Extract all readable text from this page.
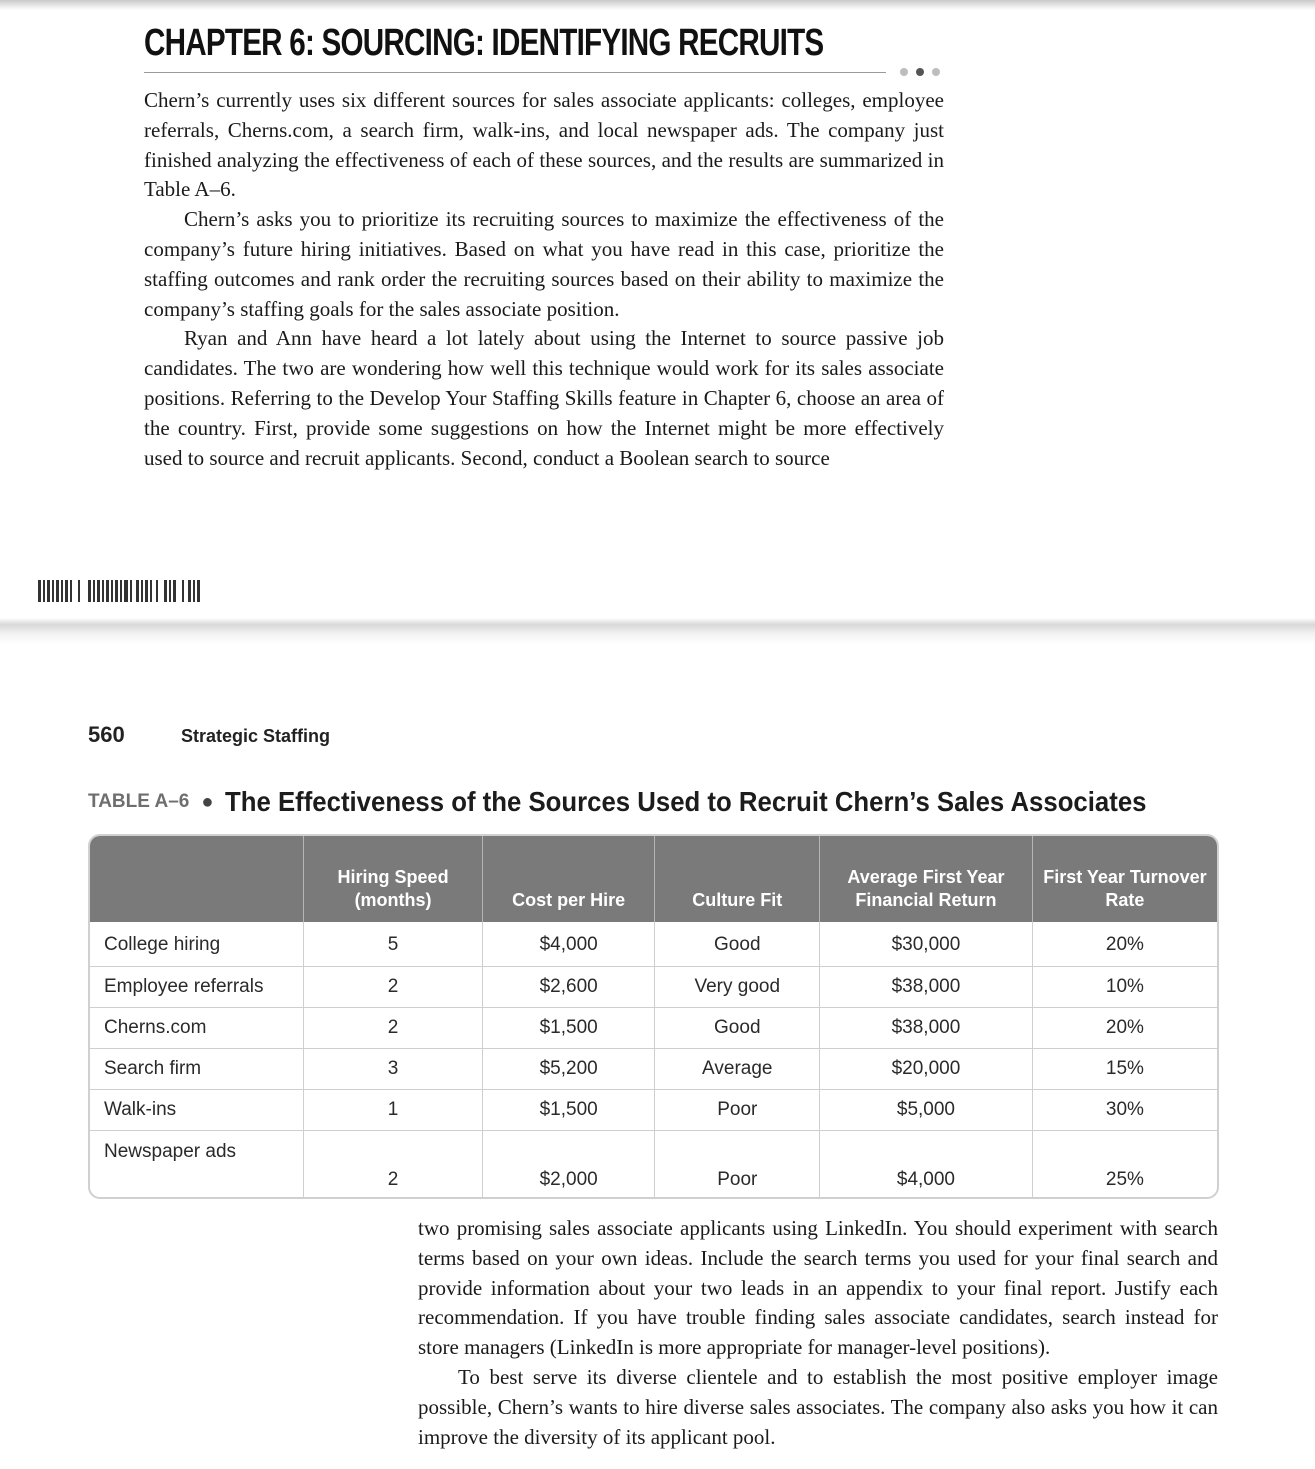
CHAPTER 6: SOURCING: IDENTIFYING RECRUITS

Chern’s currently uses six different sources for sales associate applicants: colleges, employee referrals, Cherns.com, a search firm, walk-ins, and local newspaper ads. The company just finished analyzing the effectiveness of each of these sources, and the results are summarized in Table A–6.

Chern’s asks you to prioritize its recruiting sources to maximize the effectiveness of the company’s future hiring initiatives. Based on what you have read in this case, prioritize the staffing outcomes and rank order the recruiting sources based on their ability to maximize the company’s staffing goals for the sales associate position.

Ryan and Ann have heard a lot lately about using the Internet to source passive job candidates. The two are wondering how well this technique would work for its sales associate positions. Referring to the Develop Your Staffing Skills feature in Chapter 6, choose an area of the country. First, provide some suggestions on how the Internet might be more effectively used to source and recruit applicants. Second, conduct a Boolean search to source

560	Strategic Staffing
TABLE A–6 ● The Effectiveness of the Sources Used to Recruit Chern’s Sales Associates
	Hiring Speed (months)	Cost per Hire	Culture Fit	Average First Year Financial Return	First Year Turnover Rate
College hiring	5	$4,000	Good	$30,000	20%
Employee referrals	2	$2,600	Very good	$38,000	10%
Cherns.com	2	$1,500	Good	$38,000	20%
Search firm	3	$5,200	Average	$20,000	15%
Walk-ins	1	$1,500	Poor	$5,000	30%
Newspaper ads	2	$2,000	Poor	$4,000	25%

two promising sales associate applicants using LinkedIn. You should experiment with search terms based on your own ideas. Include the search terms you used for your final search and provide information about your two leads in an appendix to your final report. Justify each recommendation. If you have trouble finding sales associate candidates, search instead for store managers (LinkedIn is more appropriate for manager-level positions).

To best serve its diverse clientele and to establish the most positive employer image possible, Chern’s wants to hire diverse sales associates. The company also asks you how it can improve the diversity of its applicant pool.
